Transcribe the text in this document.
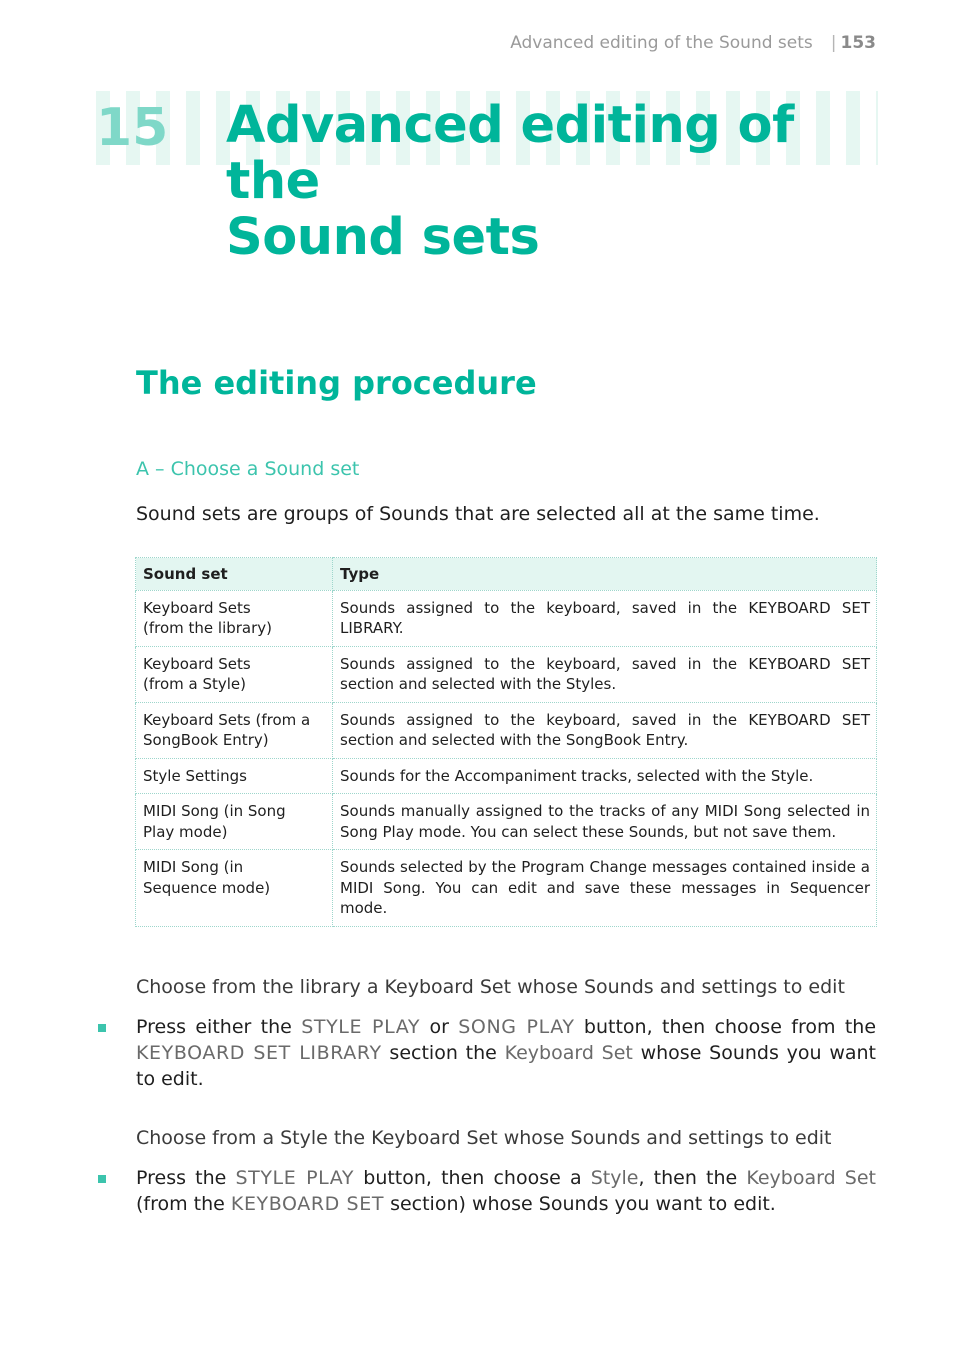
Advanced editing of the Sound sets | 153
15 Advanced editing of the
Sound sets
The editing procedure
A – Choose a Sound set
Sound sets are groups of Sounds that are selected all at the same time.
Sound set	Type
Keyboard Sets
(from the library)	Sounds assigned to the keyboard, saved in the KEYBOARD SET LIBRARY.
Keyboard Sets
(from a Style)	Sounds assigned to the keyboard, saved in the KEYBOARD SET section and selected with the Styles.
Keyboard Sets (from a
SongBook Entry)	Sounds assigned to the keyboard, saved in the KEYBOARD SET section and selected with the SongBook Entry.
Style Settings	Sounds for the Accompaniment tracks, selected with the Style.
MIDI Song (in Song
Play mode)	Sounds manually assigned to the tracks of any MIDI Song selected in Song Play mode. You can select these Sounds, but not save them.
MIDI Song (in
Sequence mode)	Sounds selected by the Program Change messages contained inside a MIDI Song. You can edit and save these messages in Sequencer mode.
Choose from the library a Keyboard Set whose Sounds and settings to edit
Press either the STYLE PLAY or SONG PLAY button, then choose from the KEYBOARD SET LIBRARY section the Keyboard Set whose Sounds you want to edit.
Choose from a Style the Keyboard Set whose Sounds and settings to edit
Press the STYLE PLAY button, then choose a Style, then the Keyboard Set (from the KEYBOARD SET section) whose Sounds you want to edit.
